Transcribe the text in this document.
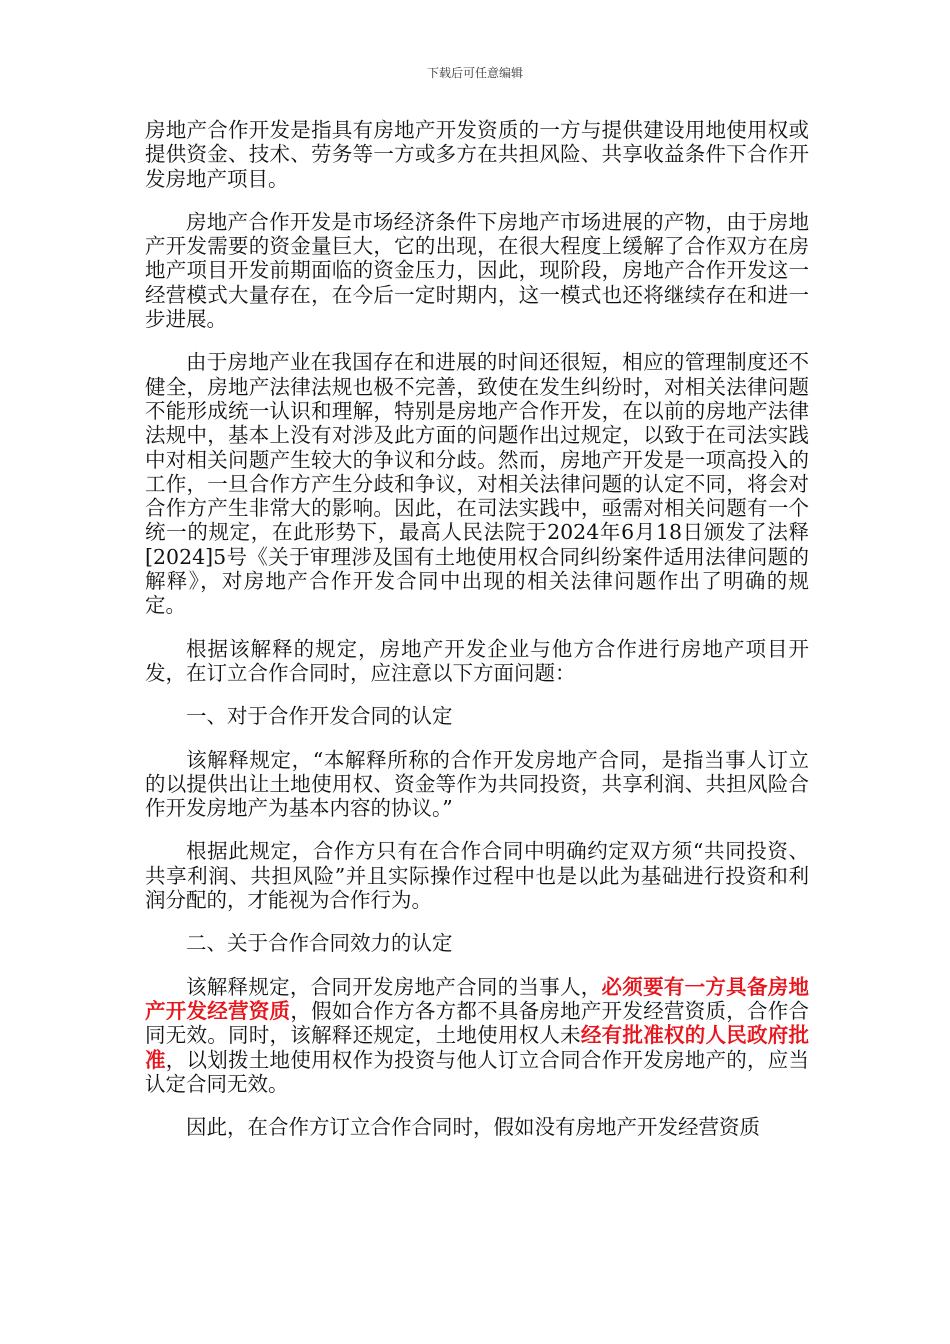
下载后可任意编辑

房地产合作开发是指具有房地产开发资质的一方与提供建设用地使用权或提供资金、技术、劳务等一方或多方在共担风险、共享收益条件下合作开发房地产项目。

房地产合作开发是市场经济条件下房地产市场进展的产物，由于房地产开发需要的资金量巨大，它的出现，在很大程度上缓解了合作双方在房地产项目开发前期面临的资金压力，因此，现阶段，房地产合作开发这一经营模式大量存在，在今后一定时期内，这一模式也还将继续存在和进一步进展。

由于房地产业在我国存在和进展的时间还很短，相应的管理制度还不健全，房地产法律法规也极不完善，致使在发生纠纷时，对相关法律问题不能形成统一认识和理解，特别是房地产合作开发，在以前的房地产法律法规中，基本上没有对涉及此方面的问题作出过规定，以致于在司法实践中对相关问题产生较大的争议和分歧。然而，房地产开发是一项高投入的工作，一旦合作方产生分歧和争议，对相关法律问题的认定不同，将会对合作方产生非常大的影响。因此，在司法实践中，亟需对相关问题有一个统一的规定，在此形势下，最高人民法院于2024年6月18日颁发了法释[2024]5号《关于审理涉及国有土地使用权合同纠纷案件适用法律问题的解释》，对房地产合作开发合同中出现的相关法律问题作出了明确的规定。

根据该解释的规定，房地产开发企业与他方合作进行房地产项目开发，在订立合作合同时，应注意以下方面问题：

一、对于合作开发合同的认定

该解释规定，“本解释所称的合作开发房地产合同，是指当事人订立的以提供出让土地使用权、资金等作为共同投资，共享利润、共担风险合作开发房地产为基本内容的协议。”

根据此规定，合作方只有在合作合同中明确约定双方须“共同投资、共享利润、共担风险”并且实际操作过程中也是以此为基础进行投资和利润分配的，才能视为合作行为。

二、关于合作合同效力的认定

该解释规定，合同开发房地产合同的当事人，必须要有一方具备房地产开发经营资质，假如合作方各方都不具备房地产开发经营资质，合作合同无效。同时，该解释还规定，土地使用权人未经有批准权的人民政府批准，以划拨土地使用权作为投资与他人订立合同合作开发房地产的，应当认定合同无效。

因此，在合作方订立合作合同时，假如没有房地产开发经营资质
